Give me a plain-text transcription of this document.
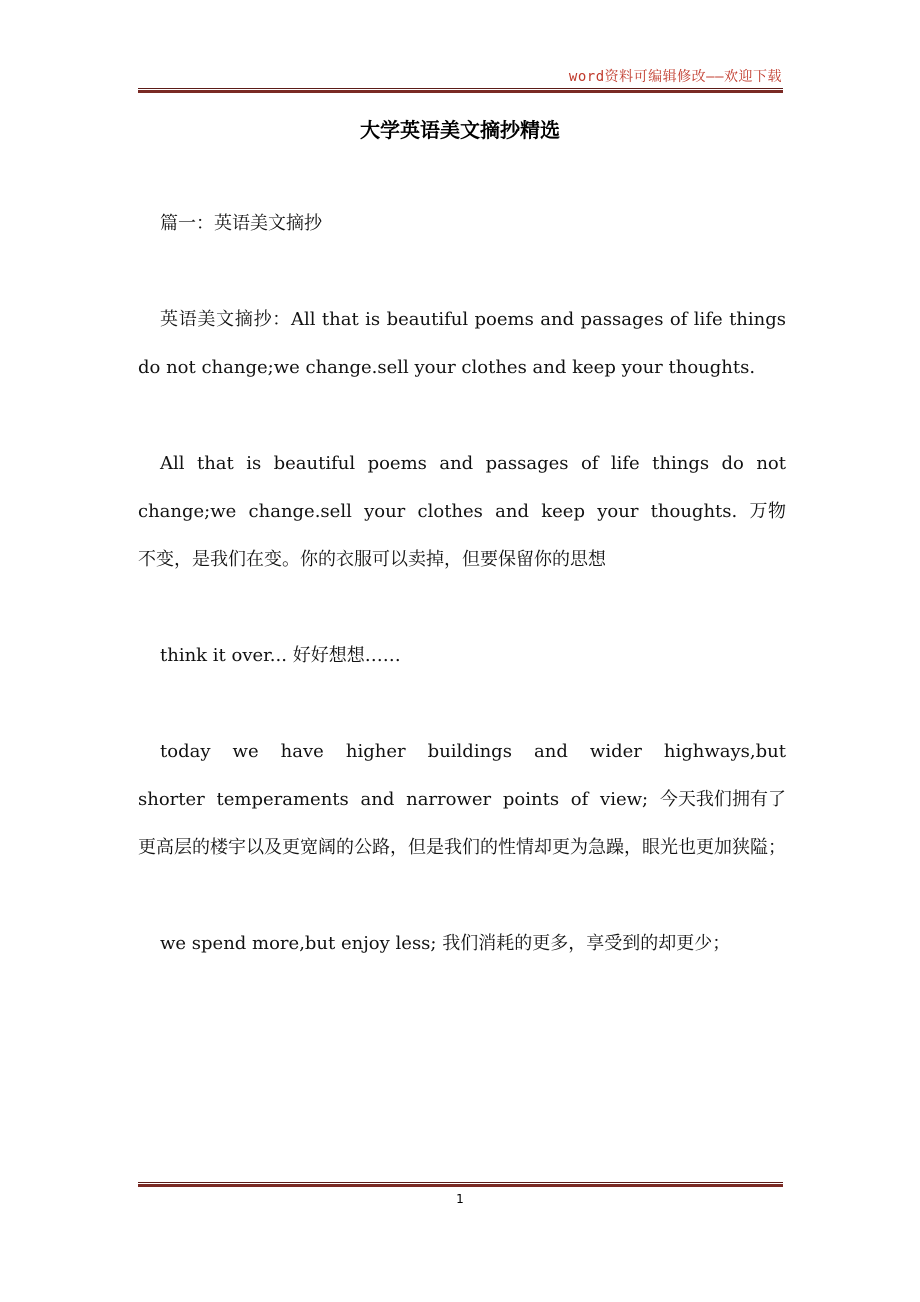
word资料可编辑修改——欢迎下载
大学英语美文摘抄精选

篇一：英语美文摘抄

英语美文摘抄：All that is beautiful poems and passages of life things do not change;we change.sell your clothes and keep your thoughts.

All that is beautiful poems and passages of life things do not change;we change.sell your clothes and keep your thoughts. 万物不变，是我们在变。你的衣服可以卖掉，但要保留你的思想

think it over... 好好想想……

today we have higher buildings and wider highways,but shorter temperaments and narrower points of view; 今天我们拥有了更高层的楼宇以及更宽阔的公路，但是我们的性情却更为急躁，眼光也更加狭隘；

we spend more,but enjoy less; 我们消耗的更多，享受到的却更少；

1
